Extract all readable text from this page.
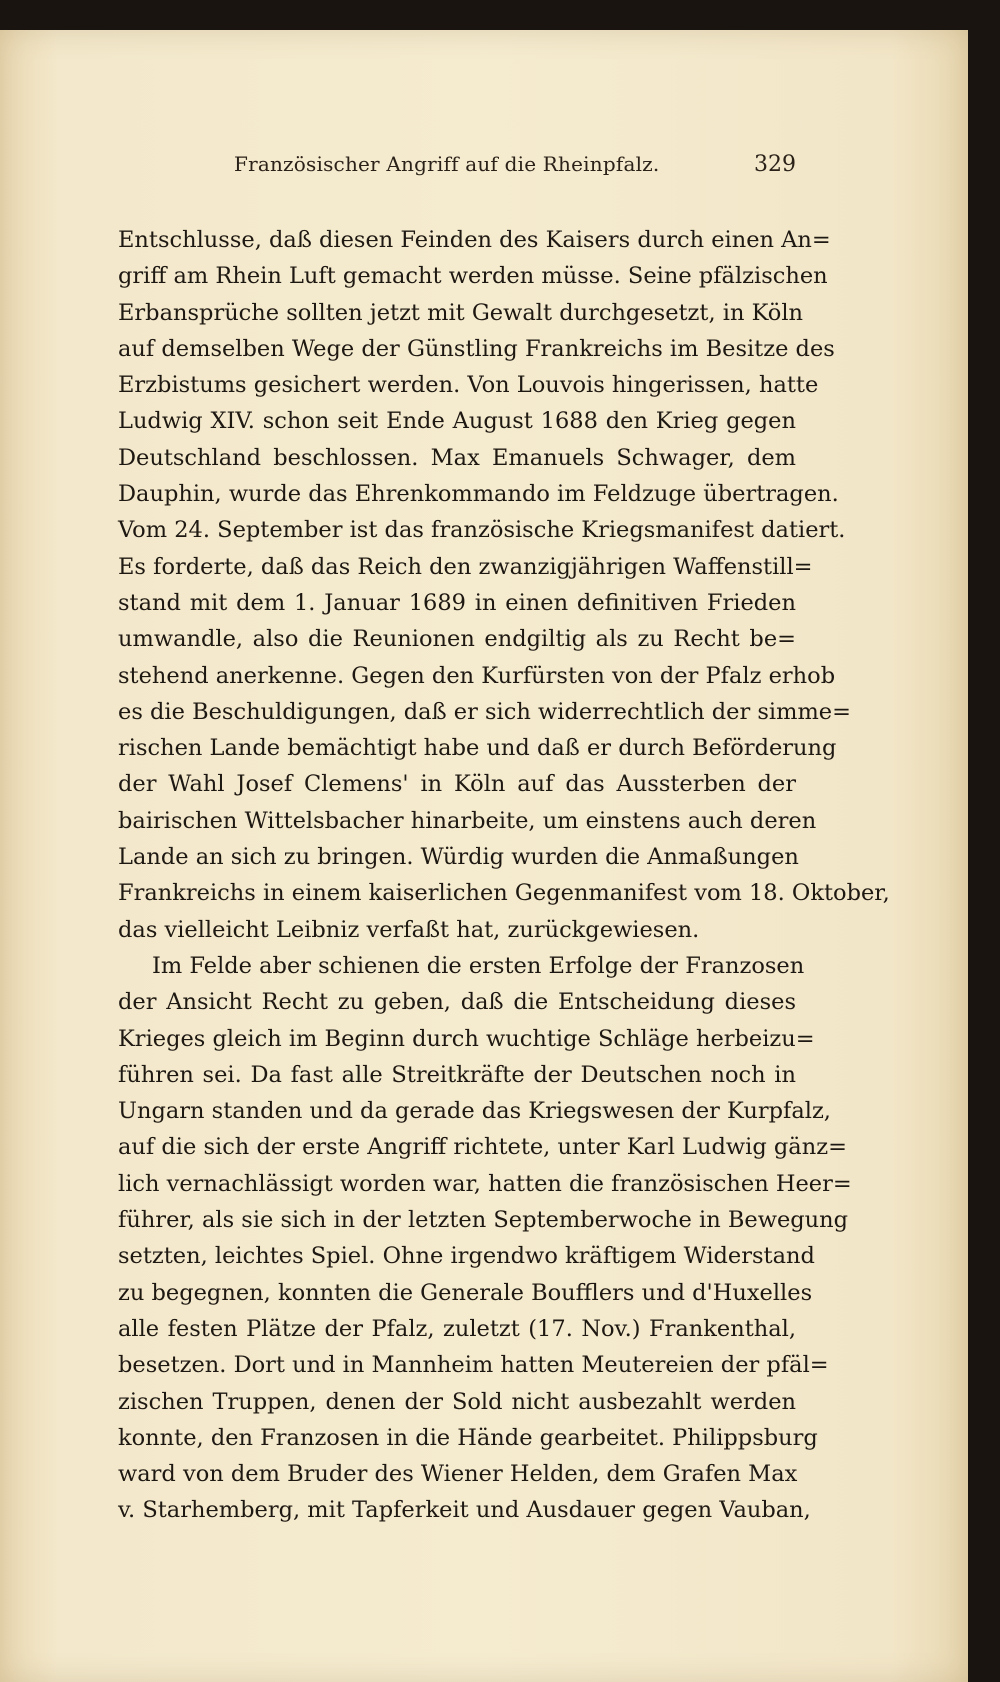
Französischer Angriff auf die Rheinpfalz.	329
Entschlusse, daß diesen Feinden des Kaisers durch einen An=
griff am Rhein Luft gemacht werden müsse. Seine pfälzischen
Erbansprüche sollten jetzt mit Gewalt durchgesetzt, in Köln
auf demselben Wege der Günstling Frankreichs im Besitze des
Erzbistums gesichert werden. Von Louvois hingerissen, hatte
Ludwig XIV. schon seit Ende August 1688 den Krieg gegen
Deutschland beschlossen. Max Emanuels Schwager, dem
Dauphin, wurde das Ehrenkommando im Feldzuge übertragen.
Vom 24. September ist das französische Kriegsmanifest datiert.
Es forderte, daß das Reich den zwanzigjährigen Waffenstill=
stand mit dem 1. Januar 1689 in einen definitiven Frieden
umwandle, also die Reunionen endgiltig als zu Recht be=
stehend anerkenne. Gegen den Kurfürsten von der Pfalz erhob
es die Beschuldigungen, daß er sich widerrechtlich der simme=
rischen Lande bemächtigt habe und daß er durch Beförderung
der Wahl Josef Clemens' in Köln auf das Aussterben der
bairischen Wittelsbacher hinarbeite, um einstens auch deren
Lande an sich zu bringen. Würdig wurden die Anmaßungen
Frankreichs in einem kaiserlichen Gegenmanifest vom 18. Oktober,
das vielleicht Leibniz verfaßt hat, zurückgewiesen.
Im Felde aber schienen die ersten Erfolge der Franzosen
der Ansicht Recht zu geben, daß die Entscheidung dieses
Krieges gleich im Beginn durch wuchtige Schläge herbeizu=
führen sei. Da fast alle Streitkräfte der Deutschen noch in
Ungarn standen und da gerade das Kriegswesen der Kurpfalz,
auf die sich der erste Angriff richtete, unter Karl Ludwig gänz=
lich vernachlässigt worden war, hatten die französischen Heer=
führer, als sie sich in der letzten Septemberwoche in Bewegung
setzten, leichtes Spiel. Ohne irgendwo kräftigem Widerstand
zu begegnen, konnten die Generale Boufflers und d'Huxelles
alle festen Plätze der Pfalz, zuletzt (17. Nov.) Frankenthal,
besetzen. Dort und in Mannheim hatten Meutereien der pfäl=
zischen Truppen, denen der Sold nicht ausbezahlt werden
konnte, den Franzosen in die Hände gearbeitet. Philippsburg
ward von dem Bruder des Wiener Helden, dem Grafen Max
v. Starhemberg, mit Tapferkeit und Ausdauer gegen Vauban,
